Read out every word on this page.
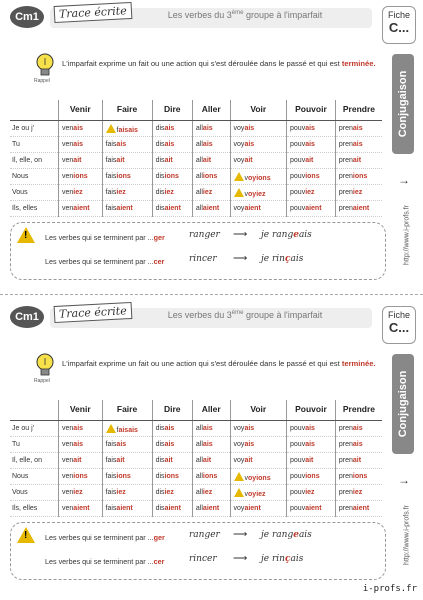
Cm1	Trace écrite	Les verbes du 3ème groupe à l'imparfait	Fiche
C...
Conjugaison
→
http://www.i-profs.fr
Rappel
L'imparfait exprime un fait ou une action qui s'est déroulée dans le passé et qui est terminée.
	Venir	Faire	Dire	Aller	Voir	Pouvoir	Prendre
Je ou j'	venais	faisais	disais	allais	voyais	pouvais	prenais
Tu	venais	faisais	disais	allais	voyais	pouvais	prenais
Il, elle, on	venait	faisait	disait	allait	voyait	pouvait	prenait
Nous	venions	faisions	disions	allions	voyions	pouvions	prenions
Vous	veniez	faisiez	disiez	alliez	voyiez	pouviez	preniez
Ils, elles	venaient	faisaient	disaient	allaient	voyaient	pouvaient	prenaient
!
Les verbes qui se terminent par ...ger	ranger ⟶ je rangeais
Les verbes qui se terminent par ...cer	rincer ⟶ je rinçais
Cm1	Trace écrite	Les verbes du 3ème groupe à l'imparfait	Fiche
C...
Conjugaison
→
http://www.i-profs.fr
Rappel
L'imparfait exprime un fait ou une action qui s'est déroulée dans le passé et qui est terminée.
	Venir	Faire	Dire	Aller	Voir	Pouvoir	Prendre
Je ou j'	venais	faisais	disais	allais	voyais	pouvais	prenais
Tu	venais	faisais	disais	allais	voyais	pouvais	prenais
Il, elle, on	venait	faisait	disait	allait	voyait	pouvait	prenait
Nous	venions	faisions	disions	allions	voyions	pouvions	prenions
Vous	veniez	faisiez	disiez	alliez	voyiez	pouviez	preniez
Ils, elles	venaient	faisaient	disaient	allaient	voyaient	pouvaient	prenaient
!
Les verbes qui se terminent par ...ger	ranger ⟶ je rangeais
Les verbes qui se terminent par ...cer	rincer ⟶ je rinçais
i-profs.fr
